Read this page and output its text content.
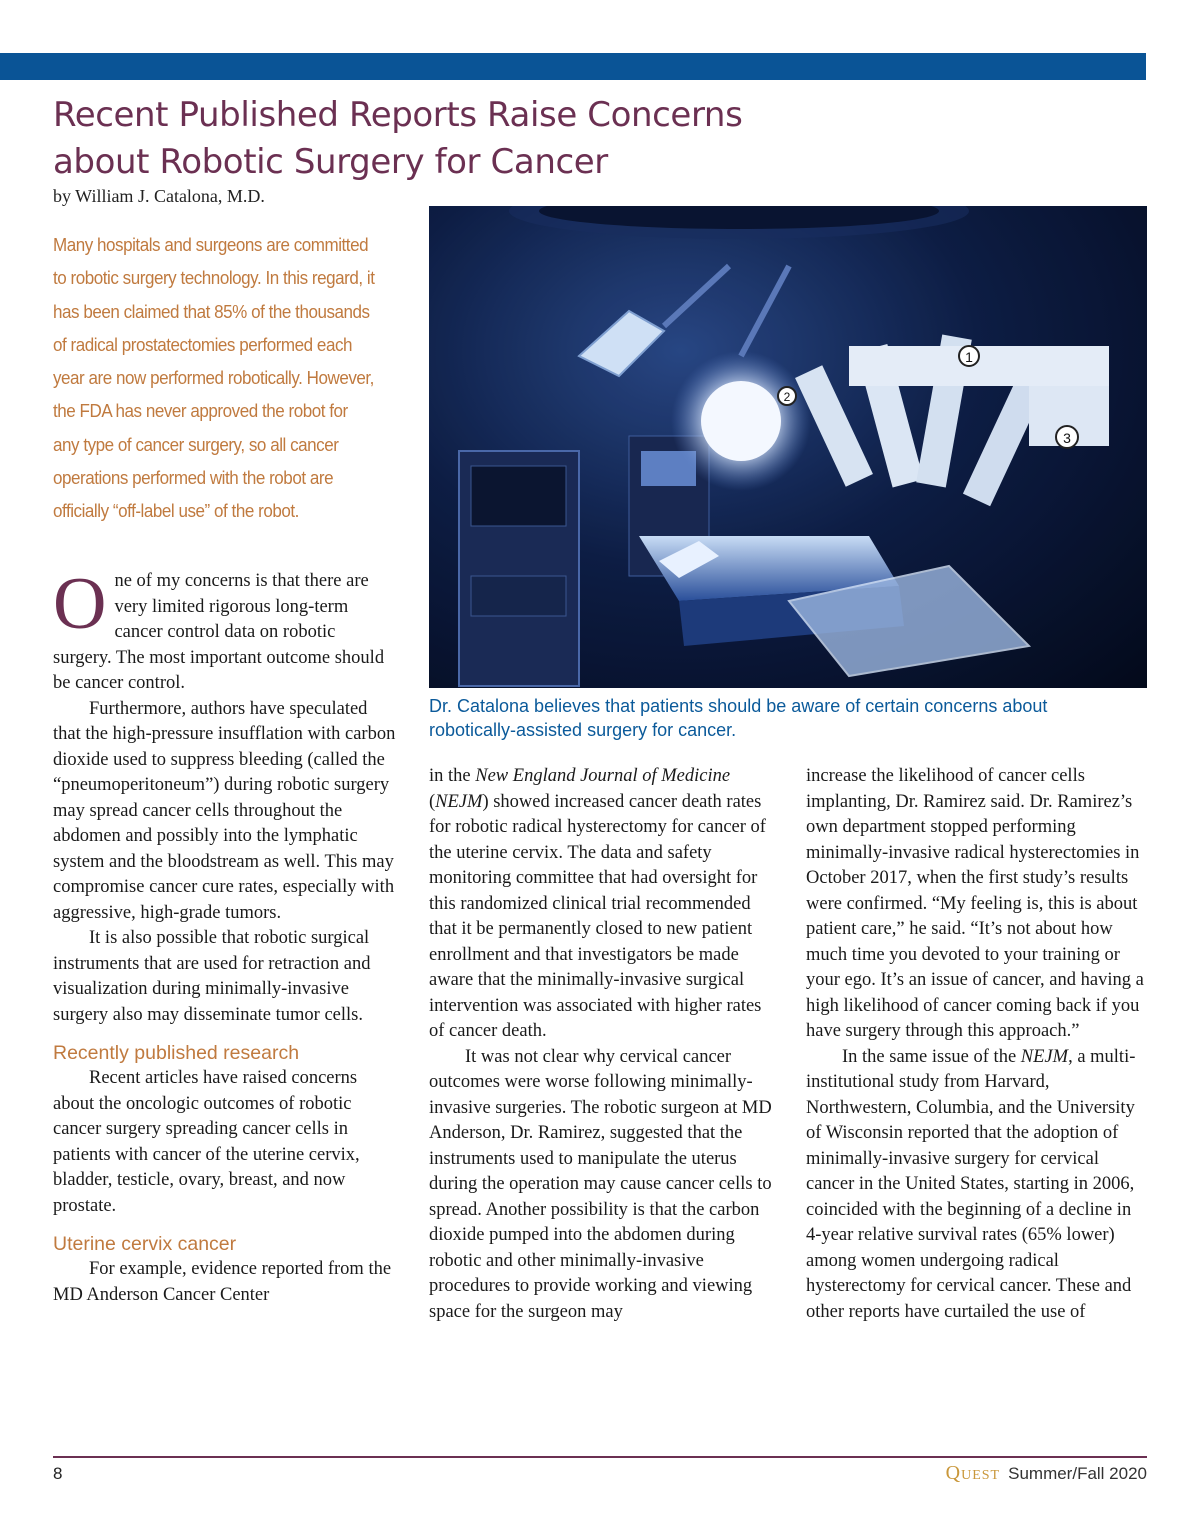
Recent Published Reports Raise Concerns
about Robotic Surgery for Cancer
by William J. Catalona, M.D.
Many hospitals and surgeons are committed to robotic surgery technology. In this regard, it has been claimed that 85% of the thousands of radical prostatectomies performed each year are now performed robotically. However, the FDA has never approved the robot for any type of cancer surgery, so all cancer operations performed with the robot are officially “off-label use” of the robot.

One of my concerns is that there are very limited rigorous long-term cancer control data on robotic surgery. The most important outcome should be cancer control.

Furthermore, authors have speculated that the high-pressure insufflation with carbon dioxide used to suppress bleeding (called the “pneumoperitoneum”) during robotic surgery may spread cancer cells throughout the abdomen and possibly into the lymphatic system and the bloodstream as well. This may compromise cancer cure rates, especially with aggressive, high-grade tumors.

It is also possible that robotic surgical instruments that are used for retraction and visualization during minimally-invasive surgery also may disseminate tumor cells.

Recently published research

Recent articles have raised concerns about the oncologic outcomes of robotic cancer surgery spreading cancer cells in patients with cancer of the uterine cervix, bladder, testicle, ovary, breast, and now prostate.

Uterine cervix cancer

For example, evidence reported from the MD Anderson Cancer Center

1
2
3
Dr. Catalona believes that patients should be aware of certain concerns about robotically-assisted surgery for cancer.

in the New England Journal of Medicine (NEJM) showed increased cancer death rates for robotic radical hysterectomy for cancer of the uterine cervix. The data and safety monitoring committee that had oversight for this randomized clinical trial recommended that it be permanently closed to new patient enrollment and that investigators be made aware that the minimally-invasive surgical intervention was associated with higher rates of cancer death.

It was not clear why cervical cancer outcomes were worse following minimally-invasive surgeries. The robotic surgeon at MD Anderson, Dr. Ramirez, suggested that the instruments used to manipulate the uterus during the operation may cause cancer cells to spread. Another possibility is that the carbon dioxide pumped into the abdomen during robotic and other minimally-invasive procedures to provide working and viewing space for the surgeon may

increase the likelihood of cancer cells implanting, Dr. Ramirez said. Dr. Ramirez’s own department stopped performing minimally-invasive radical hysterectomies in October 2017, when the first study’s results were confirmed. “My feeling is, this is about patient care,” he said. “It’s not about how much time you devoted to your training or your ego. It’s an issue of cancer, and having a high likelihood of cancer coming back if you have surgery through this approach.”

In the same issue of the NEJM, a multi-institutional study from Harvard, Northwestern, Columbia, and the University of Wisconsin reported that the adoption of minimally-invasive surgery for cervical cancer in the United States, starting in 2006, coincided with the beginning of a decline in 4-year relative survival rates (65% lower) among women undergoing radical hysterectomy for cervical cancer. These and other reports have curtailed the use of

8	Quest Summer/Fall 2020
